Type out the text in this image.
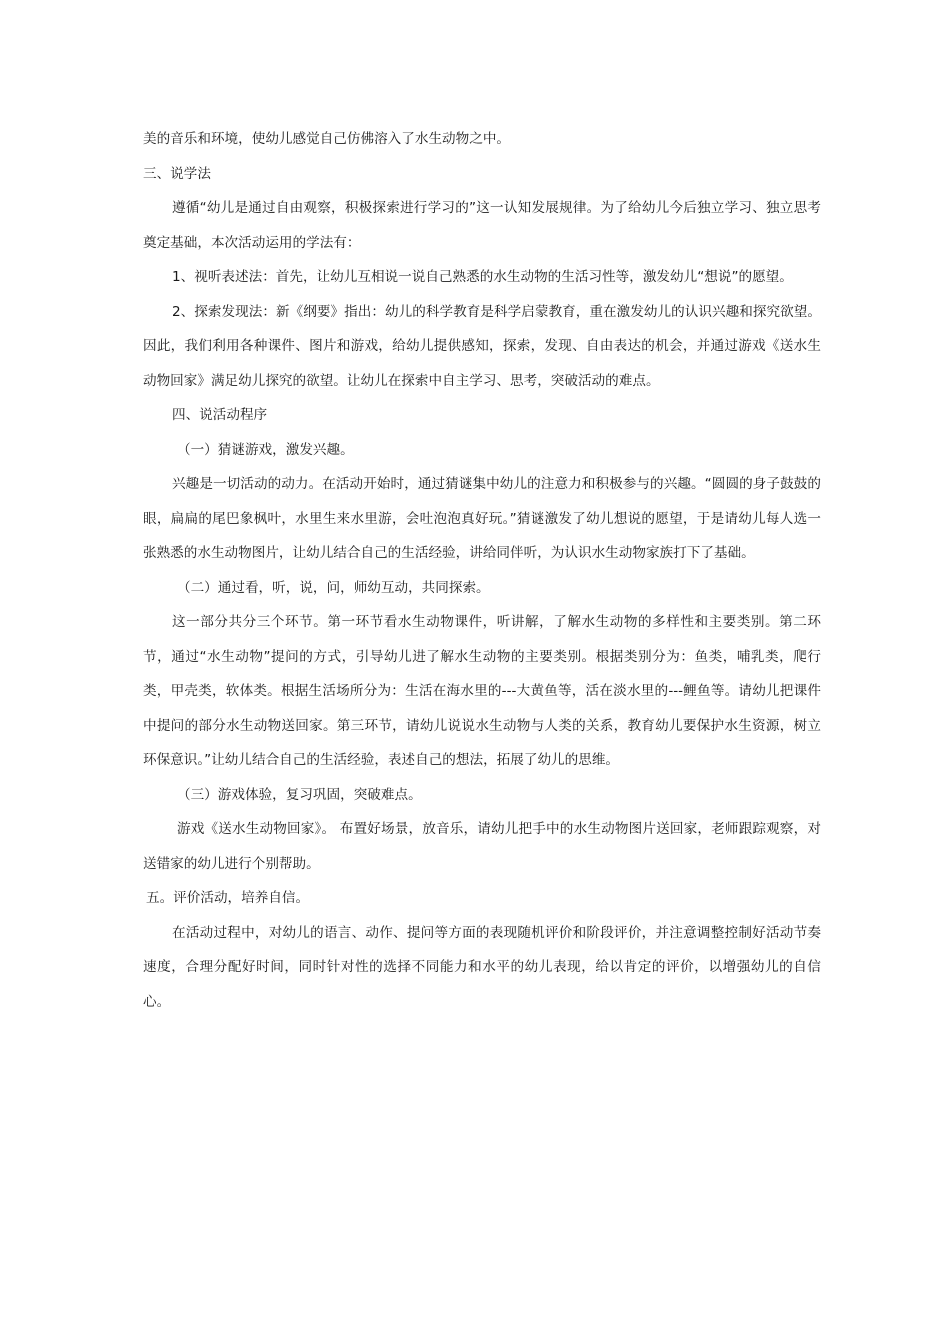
美的音乐和环境，使幼儿感觉自己仿佛溶入了水生动物之中。

三、说学法

遵循“幼儿是通过自由观察，积极探索进行学习的”这一认知发展规律。为了给幼儿今后独立学习、独立思考奠定基础，本次活动运用的学法有：

1、视听表述法：首先，让幼儿互相说一说自己熟悉的水生动物的生活习性等，激发幼儿“想说”的愿望。

2、探索发现法：新《纲要》指出：幼儿的科学教育是科学启蒙教育，重在激发幼儿的认识兴趣和探究欲望。因此，我们利用各种课件、图片和游戏，给幼儿提供感知，探索，发现、自由表达的机会，并通过游戏《送水生动物回家》满足幼儿探究的欲望。让幼儿在探索中自主学习、思考，突破活动的难点。

四、说活动程序

（一）猜谜游戏，激发兴趣。

兴趣是一切活动的动力。在活动开始时，通过猜谜集中幼儿的注意力和积极参与的兴趣。“圆圆的身子鼓鼓的眼，扁扁的尾巴象枫叶，水里生来水里游，会吐泡泡真好玩。”猜谜激发了幼儿想说的愿望，于是请幼儿每人选一张熟悉的水生动物图片，让幼儿结合自己的生活经验，讲给同伴听，为认识水生动物家族打下了基础。

（二）通过看，听，说，问，师幼互动，共同探索。

这一部分共分三个环节。第一环节看水生动物课件，听讲解，了解水生动物的多样性和主要类别。第二环节，通过“水生动物”提问的方式，引导幼儿进了解水生动物的主要类别。根据类别分为：鱼类，哺乳类，爬行类，甲壳类，软体类。根据生活场所分为：生活在海水里的---大黄鱼等，活在淡水里的---鲤鱼等。请幼儿把课件中提问的部分水生动物送回家。第三环节，请幼儿说说水生动物与人类的关系，教育幼儿要保护水生资源，树立环保意识。”让幼儿结合自己的生活经验，表述自己的想法，拓展了幼儿的思维。

（三）游戏体验，复习巩固，突破难点。

游戏《送水生动物回家》。 布置好场景，放音乐，请幼儿把手中的水生动物图片送回家，老师跟踪观察，对送错家的幼儿进行个别帮助。

五。评价活动，培养自信。

在活动过程中，对幼儿的语言、动作、提问等方面的表现随机评价和阶段评价，并注意调整控制好活动节奏速度，合理分配好时间，同时针对性的选择不同能力和水平的幼儿表现，给以肯定的评价，以增强幼儿的自信心。
